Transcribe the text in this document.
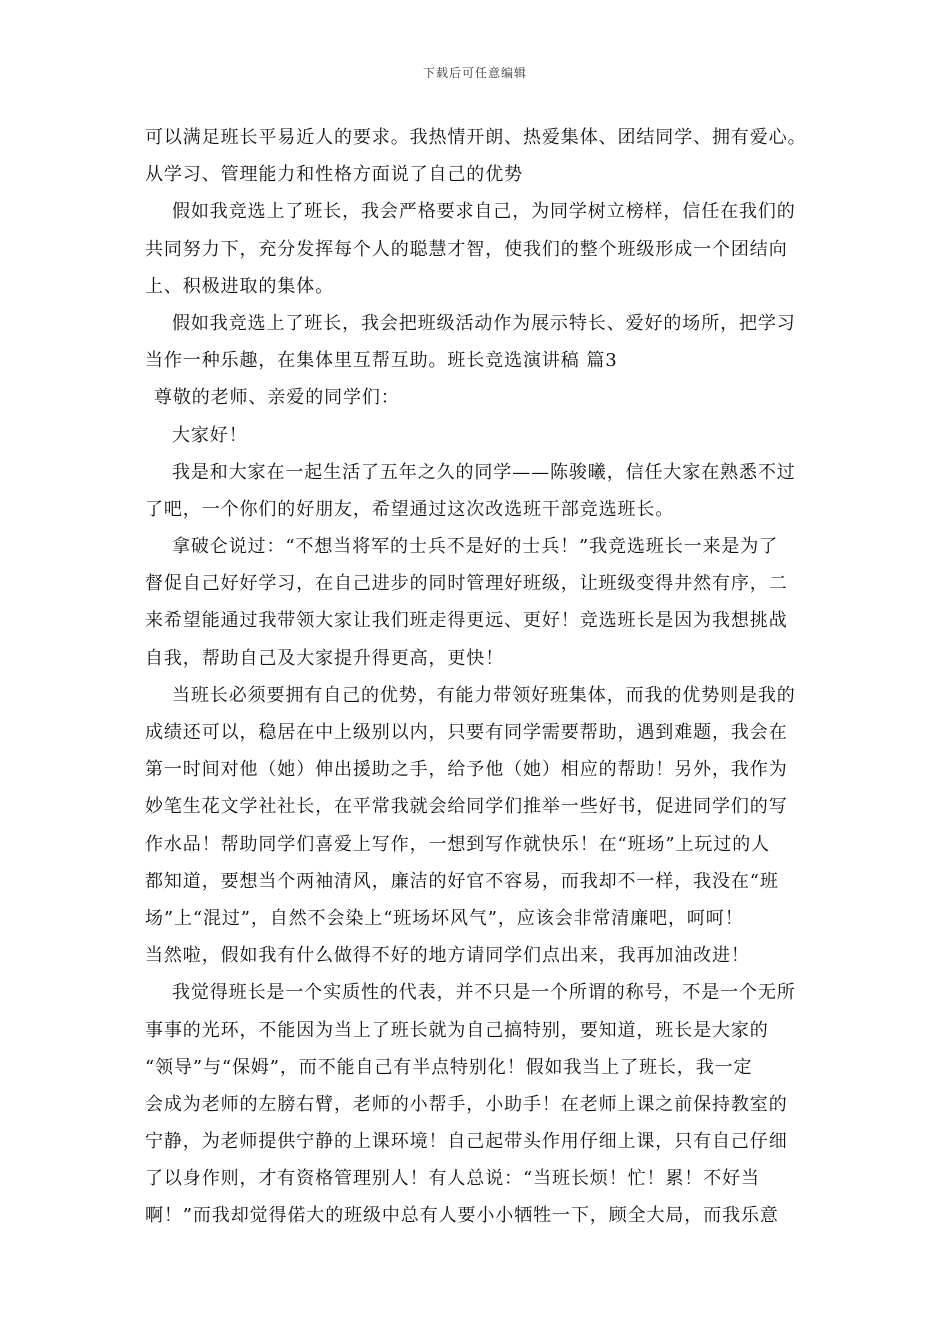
下载后可任意编辑
可以满足班长平易近人的要求。我热情开朗、热爱集体、团结同学、拥有爱心。
从学习、管理能力和性格方面说了自己的优势
假如我竞选上了班长，我会严格要求自己，为同学树立榜样，信任在我们的
共同努力下，充分发挥每个人的聪慧才智，使我们的整个班级形成一个团结向
上、积极进取的集体。
假如我竞选上了班长，我会把班级活动作为展示特长、爱好的场所，把学习
当作一种乐趣，在集体里互帮互助。班长竞选演讲稿 篇3
尊敬的老师、亲爱的同学们：
大家好！
我是和大家在一起生活了五年之久的同学——陈骏曦，信任大家在熟悉不过
了吧，一个你们的好朋友，希望通过这次改选班干部竞选班长。
拿破仑说过：“不想当将军的士兵不是好的士兵！”我竞选班长一来是为了
督促自己好好学习，在自己进步的同时管理好班级，让班级变得井然有序，二
来希望能通过我带领大家让我们班走得更远、更好！竞选班长是因为我想挑战
自我，帮助自己及大家提升得更高，更快！
当班长必须要拥有自己的优势，有能力带领好班集体，而我的优势则是我的
成绩还可以，稳居在中上级别以内，只要有同学需要帮助，遇到难题，我会在
第一时间对他（她）伸出援助之手，给予他（她）相应的帮助！另外，我作为
妙笔生花文学社社长，在平常我就会给同学们推举一些好书，促进同学们的写
作水品！帮助同学们喜爱上写作，一想到写作就快乐！在“班场”上玩过的人
都知道，要想当个两袖清风，廉洁的好官不容易，而我却不一样，我没在“班
场”上“混过”，自然不会染上“班场坏风气”，应该会非常清廉吧，呵呵！
当然啦，假如我有什么做得不好的地方请同学们点出来，我再加油改进！
我觉得班长是一个实质性的代表，并不只是一个所谓的称号，不是一个无所
事事的光环，不能因为当上了班长就为自己搞特别，要知道，班长是大家的
“领导”与“保姆”，而不能自己有半点特别化！假如我当上了班长，我一定
会成为老师的左膀右臂，老师的小帮手，小助手！在老师上课之前保持教室的
宁静，为老师提供宁静的上课环境！自己起带头作用仔细上课，只有自己仔细
了以身作则，才有资格管理别人！有人总说：“当班长烦！忙！累！不好当
啊！”而我却觉得偌大的班级中总有人要小小牺牲一下，顾全大局，而我乐意
